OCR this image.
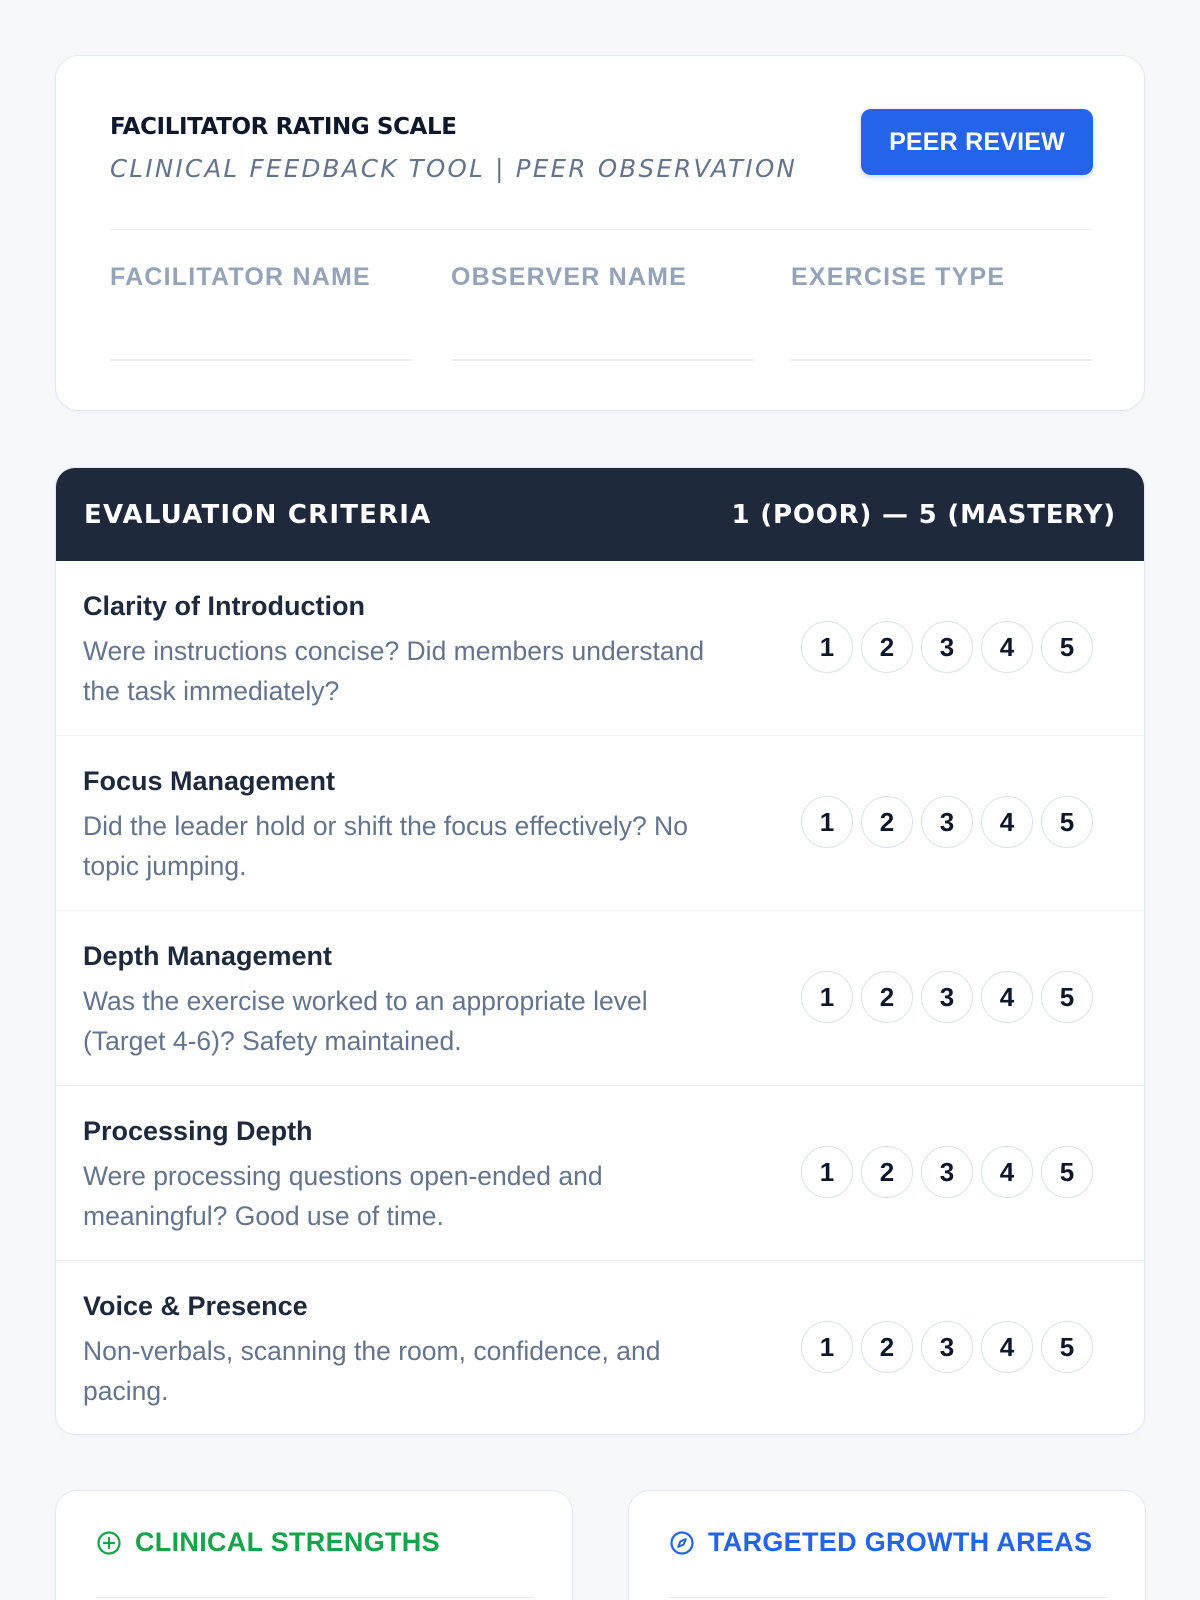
FACILITATOR RATING SCALE

CLINICAL FEEDBACK TOOL | PEER OBSERVATION

PEER REVIEW
FACILITATOR NAME	OBSERVER NAME	EXERCISE TYPE
EVALUATION CRITERIA	1 (POOR) — 5 (MASTERY)
Clarity of Introduction
Were instructions concise? Did members understand the task immediately?
1	2	3	4	5
Focus Management
Did the leader hold or shift the focus effectively? No topic jumping.
1	2	3	4	5
Depth Management
Was the exercise worked to an appropriate level (Target 4-6)? Safety maintained.
1	2	3	4	5
Processing Depth
Were processing questions open-ended and meaningful? Good use of time.
1	2	3	4	5
Voice & Presence
Non-verbals, scanning the room, confidence, and pacing.
1	2	3	4	5
CLINICAL STRENGTHS	TARGETED GROWTH AREAS
